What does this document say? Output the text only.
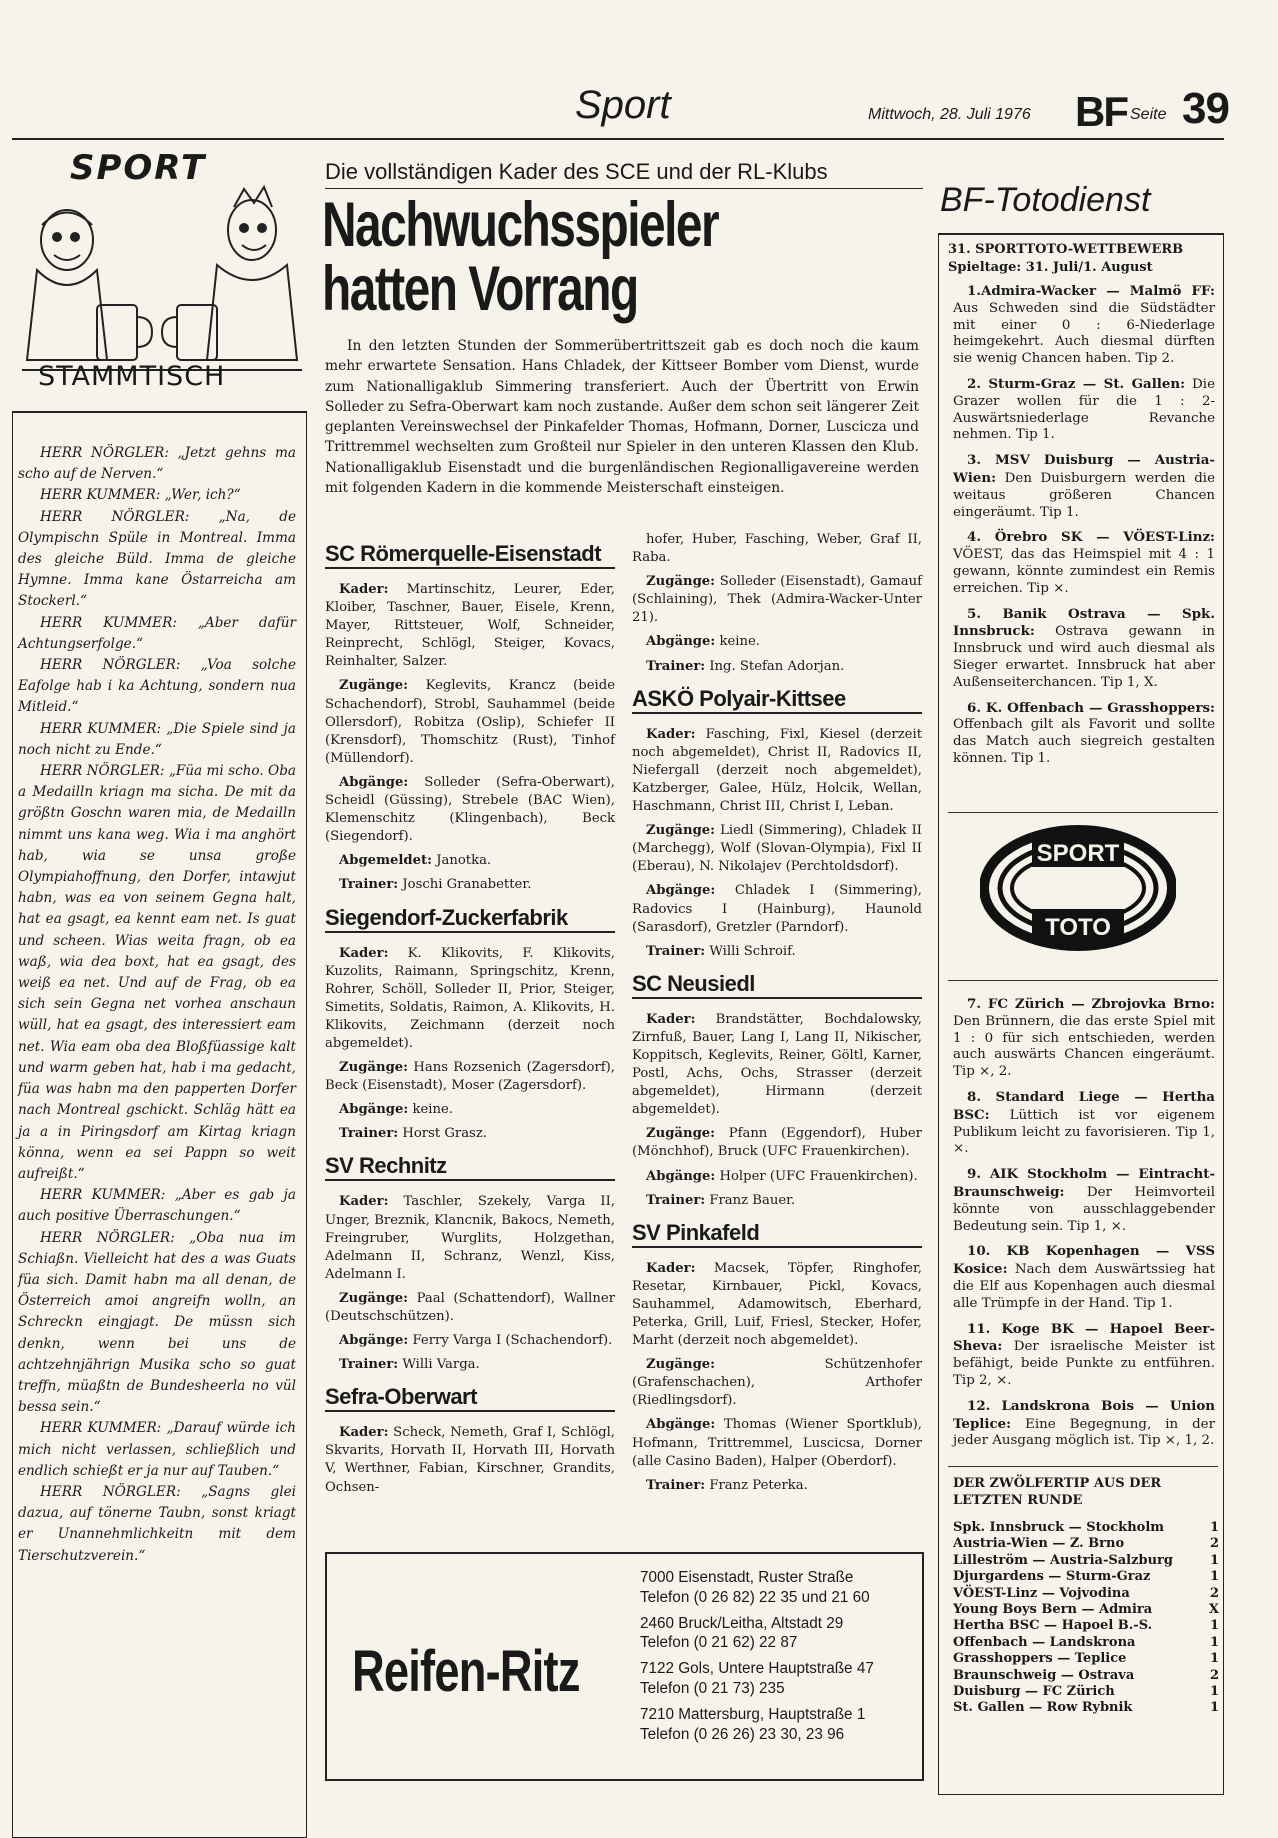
Sport	Mittwoch, 28. Juli 1976 BF Seite 39
SPORT
STAMMTISCH

HERR NÖRGLER: „Jetzt gehns ma scho auf de Nerven.“

HERR KUMMER: „Wer, ich?“

HERR NÖRGLER: „Na, de Olympischn Spüle in Montreal. Imma des gleiche Büld. Imma de gleiche Hymne. Imma kane Östarreicha am Stockerl.“

HERR KUMMER: „Aber dafür Achtungserfolge.“

HERR NÖRGLER: „Voa solche Eafolge hab i ka Achtung, sondern nua Mitleid.“

HERR KUMMER: „Die Spiele sind ja noch nicht zu Ende.“

HERR NÖRGLER: „Füa mi scho. Oba a Medailln kriagn ma sicha. De mit da größtn Goschn waren mia, de Medailln nimmt uns kana weg. Wia i ma anghört hab, wia se unsa große Olympiahoffnung, den Dorfer, intawjut habn, was ea von seinem Gegna halt, hat ea gsagt, ea kennt eam net. Is guat und scheen. Wias weita fragn, ob ea waß, wia dea boxt, hat ea gsagt, des weiß ea net. Und auf de Frag, ob ea sich sein Gegna net vorhea anschaun wüll, hat ea gsagt, des interessiert eam net. Wia eam oba dea Bloßfüassige kalt und warm geben hat, hab i ma gedacht, füa was habn ma den papperten Dorfer nach Montreal gschickt. Schläg hätt ea ja a in Piringsdorf am Kirtag kriagn könna, wenn ea sei Pappn so weit aufreißt.“

HERR KUMMER: „Aber es gab ja auch positive Überraschungen.“

HERR NÖRGLER: „Oba nua im Schiaßn. Vielleicht hat des a was Guats füa sich. Damit habn ma all denan, de Österreich amoi angreifn wolln, an Schreckn eingjagt. De müssn sich denkn, wenn bei uns de achtzehnjährign Musika scho so guat treffn, müaßtn de Bundesheerla no vül bessa sein.“

HERR KUMMER: „Darauf würde ich mich nicht verlassen, schließlich und endlich schießt er ja nur auf Tauben.“

HERR NÖRGLER: „Sagns glei dazua, auf tönerne Taubn, sonst kriagt er Unannehmlichkeitn mit dem Tierschutzverein.“

Die vollständigen Kader des SCE und der RL-Klubs
Nachwuchsspieler
hatten Vorrang
In den letzten Stunden der Sommerübertrittszeit gab es doch noch die kaum mehr erwartete Sensation. Hans Chladek, der Kittseer Bomber vom Dienst, wurde zum Nationalligaklub Simmering transferiert. Auch der Übertritt von Erwin Solleder zu Sefra-Oberwart kam noch zustande. Außer dem schon seit längerer Zeit geplanten Vereinswechsel der Pinkafelder Thomas, Hofmann, Dorner, Luscicza und Trittremmel wechselten zum Großteil nur Spieler in den unteren Klassen den Klub. Nationalligaklub Eisenstadt und die burgenländischen Regionalligavereine werden mit folgenden Kadern in die kommende Meisterschaft einsteigen.
SC Römerquelle-Eisenstadt

Kader: Martinschitz, Leurer, Eder, Kloiber, Taschner, Bauer, Eisele, Krenn, Mayer, Rittsteuer, Wolf, Schneider, Reinprecht, Schlögl, Steiger, Kovacs, Reinhalter, Salzer.

Zugänge: Keglevits, Krancz (beide Schachendorf), Strobl, Sauhammel (beide Ollersdorf), Robitza (Oslip), Schiefer II (Krensdorf), Thomschitz (Rust), Tinhof (Müllendorf).

Abgänge: Solleder (Sefra-Oberwart), Scheidl (Güssing), Strebele (BAC Wien), Klemenschitz (Klingenbach), Beck (Siegendorf).

Abgemeldet: Janotka.

Trainer: Joschi Granabetter.

Siegendorf-Zuckerfabrik

Kader: K. Klikovits, F. Klikovits, Kuzolits, Raimann, Springschitz, Krenn, Rohrer, Schöll, Solleder II, Prior, Steiger, Simetits, Soldatis, Raimon, A. Klikovits, H. Klikovits, Zeichmann (derzeit noch abgemeldet).

Zugänge: Hans Rozsenich (Zagersdorf), Beck (Eisenstadt), Moser (Zagersdorf).

Abgänge: keine.

Trainer: Horst Grasz.

SV Rechnitz

Kader: Taschler, Szekely, Varga II, Unger, Breznik, Klancnik, Bakocs, Nemeth, Freingruber, Wurglits, Holzgethan, Adelmann II, Schranz, Wenzl, Kiss, Adelmann I.

Zugänge: Paal (Schattendorf), Wallner (Deutschschützen).

Abgänge: Ferry Varga I (Schachendorf).

Trainer: Willi Varga.

Sefra-Oberwart

Kader: Scheck, Nemeth, Graf I, Schlögl, Skvarits, Horvath II, Horvath III, Horvath V, Werthner, Fabian, Kirschner, Grandits, Ochsen-

hofer, Huber, Fasching, Weber, Graf II, Raba.

Zugänge: Solleder (Eisenstadt), Gamauf (Schlaining), Thek (Admira-Wacker-Unter 21).

Abgänge: keine.

Trainer: Ing. Stefan Adorjan.

ASKÖ Polyair-Kittsee

Kader: Fasching, Fixl, Kiesel (derzeit noch abgemeldet), Christ II, Radovics II, Niefergall (derzeit noch abgemeldet), Katzberger, Galee, Hülz, Holcik, Wellan, Haschmann, Christ III, Christ I, Leban.

Zugänge: Liedl (Simmering), Chladek II (Marchegg), Wolf (Slovan-Olympia), Fixl II (Eberau), N. Nikolajev (Perchtoldsdorf).

Abgänge: Chladek I (Simmering), Radovics I (Hainburg), Haunold (Sarasdorf), Gretzler (Parndorf).

Trainer: Willi Schroif.

SC Neusiedl

Kader: Brandstätter, Bochdalowsky, Zirnfuß, Bauer, Lang I, Lang II, Nikischer, Koppitsch, Keglevits, Reiner, Göltl, Karner, Postl, Achs, Ochs, Strasser (derzeit abgemeldet), Hirmann (derzeit abgemeldet).

Zugänge: Pfann (Eggendorf), Huber (Mönchhof), Bruck (UFC Frauenkirchen).

Abgänge: Holper (UFC Frauenkirchen).

Trainer: Franz Bauer.

SV Pinkafeld

Kader: Macsek, Töpfer, Ringhofer, Resetar, Kirnbauer, Pickl, Kovacs, Sauhammel, Adamowitsch, Eberhard, Peterka, Grill, Luif, Friesl, Stecker, Hofer, Marht (derzeit noch abgemeldet).

Zugänge: Schützenhofer (Grafenschachen), Arthofer (Riedlingsdorf).

Abgänge: Thomas (Wiener Sportklub), Hofmann, Trittremmel, Luscicsa, Dorner (alle Casino Baden), Halper (Oberdorf).

Trainer: Franz Peterka.

Reifen-Ritz
7000 Eisenstadt, Ruster Straße
Telefon (0 26 82) 22 35 und 21 60
2460 Bruck/Leitha, Altstadt 29
Telefon (0 21 62) 22 87
7122 Gols, Untere Hauptstraße 47
Telefon (0 21 73) 235
7210 Mattersburg, Hauptstraße 1
Telefon (0 26 26) 23 30, 23 96
BF-Totodienst
31. SPORTTOTO-WETTBEWERB
Spieltage: 31. Juli/1. August

1.Admira-Wacker — Malmö FF: Aus Schweden sind die Südstädter mit einer 0 : 6-Niederlage heimgekehrt. Auch diesmal dürften sie wenig Chancen haben. Tip 2.

2. Sturm-Graz — St. Gallen: Die Grazer wollen für die 1 : 2-Auswärtsniederlage Revanche nehmen. Tip 1.

3. MSV Duisburg — Austria-Wien: Den Duisburgern werden die weitaus größeren Chancen eingeräumt. Tip 1.

4. Örebro SK — VÖEST-Linz: VÖEST, das das Heimspiel mit 4 : 1 gewann, könnte zumindest ein Remis erreichen. Tip ×.

5. Banik Ostrava — Spk. Innsbruck: Ostrava gewann in Innsbruck und wird auch diesmal als Sieger erwartet. Innsbruck hat aber Außenseiterchancen. Tip 1, X.

6. K. Offenbach — Grasshoppers: Offenbach gilt als Favorit und sollte das Match auch siegreich gestalten können. Tip 1.

SPORT
TOTO

7. FC Zürich — Zbrojovka Brno: Den Brünnern, die das erste Spiel mit 1 : 0 für sich entschieden, werden auch auswärts Chancen eingeräumt. Tip ×, 2.

8. Standard Liege — Hertha BSC: Lüttich ist vor eigenem Publikum leicht zu favorisieren. Tip 1, ×.

9. AIK Stockholm — Eintracht-Braunschweig: Der Heimvorteil könnte von ausschlaggebender Bedeutung sein. Tip 1, ×.

10. KB Kopenhagen — VSS Kosice: Nach dem Auswärtssieg hat die Elf aus Kopenhagen auch diesmal alle Trümpfe in der Hand. Tip 1.

11. Koge BK — Hapoel Beer-Sheva: Der israelische Meister ist befähigt, beide Punkte zu entführen. Tip 2, ×.

12. Landskrona Bois — Union Teplice: Eine Begegnung, in der jeder Ausgang möglich ist. Tip ×, 1, 2.

DER ZWÖLFERTIP AUS DER LETZTEN RUNDE
Spk. Innsbruck — Stockholm	1
Austria-Wien — Z. Brno	2
Lilleström — Austria-Salzburg	1
Djurgardens — Sturm-Graz	1
VÖEST-Linz — Vojvodina	2
Young Boys Bern — Admira	X
Hertha BSC — Hapoel B.-S.	1
Offenbach — Landskrona	1
Grasshoppers — Teplice	1
Braunschweig — Ostrava	2
Duisburg — FC Zürich	1
St. Gallen — Row Rybnik	1
